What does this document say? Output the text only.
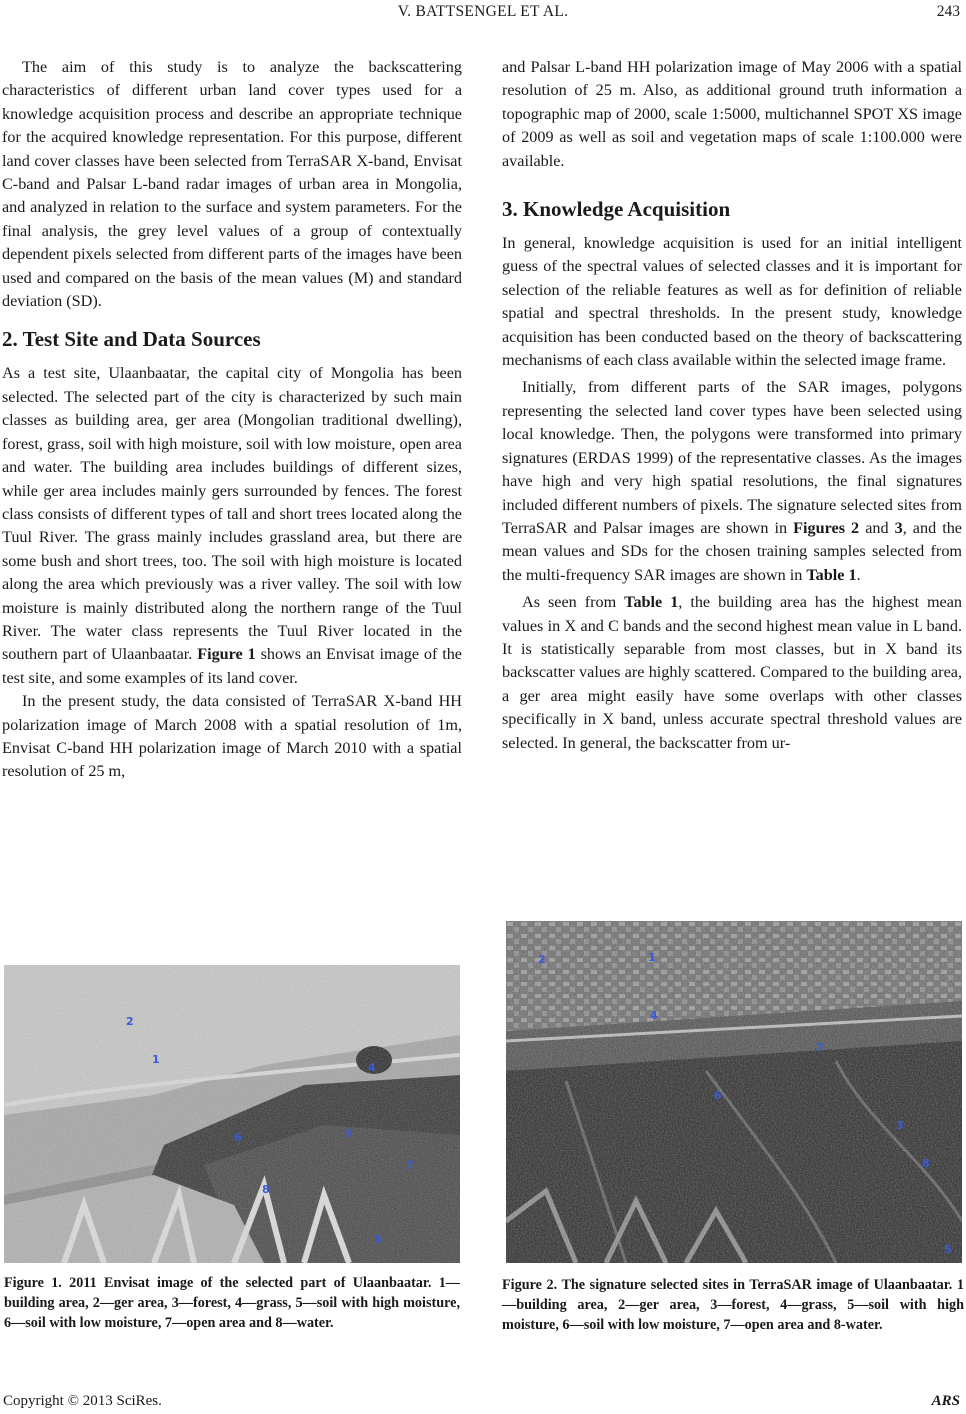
V. BATTSENGEL ET AL.	243

The aim of this study is to analyze the backscattering characteristics of different urban land cover types used for a knowledge acquisition process and describe an appropriate technique for the acquired knowledge representation. For this purpose, different land cover classes have been selected from TerraSAR X-band, Envisat C-band and Palsar L-band radar images of urban area in Mongolia, and analyzed in relation to the surface and system parameters. For the final analysis, the grey level values of a group of contextually dependent pixels selected from different parts of the images have been used and compared on the basis of the mean values (M) and standard deviation (SD).

2. Test Site and Data Sources

As a test site, Ulaanbaatar, the capital city of Mongolia has been selected. The selected part of the city is characterized by such main classes as building area, ger area (Mongolian traditional dwelling), forest, grass, soil with high moisture, soil with low moisture, open area and water. The building area includes buildings of different sizes, while ger area includes mainly gers surrounded by fences. The forest class consists of different types of tall and short trees located along the Tuul River. The grass mainly includes grassland area, but there are some bush and short trees, too. The soil with high moisture is located along the area which previously was a river valley. The soil with low moisture is mainly distributed along the northern range of the Tuul River. The water class represents the Tuul River located in the southern part of Ulaanbaatar. Figure 1 shows an Envisat image of the test site, and some examples of its land cover.

In the present study, the data consisted of TerraSAR X-band HH polarization image of March 2008 with a spatial resolution of 1m, Envisat C-band HH polarization image of March 2010 with a spatial resolution of 25 m,

and Palsar L-band HH polarization image of May 2006 with a spatial resolution of 25 m. Also, as additional ground truth information a topographic map of 2000, scale 1:5000, multichannel SPOT XS image of 2009 as well as soil and vegetation maps of scale 1:100.000 were available.

3. Knowledge Acquisition

In general, knowledge acquisition is used for an initial intelligent guess of the spectral values of selected classes and it is important for selection of the reliable features as well as for definition of reliable spatial and spectral thresholds. In the present study, knowledge acquisition has been conducted based on the theory of backscattering mechanisms of each class available within the selected image frame.

Initially, from different parts of the SAR images, polygons representing the selected land cover types have been selected using local knowledge. Then, the polygons were transformed into primary signatures (ERDAS 1999) of the representative classes. As the images have high and very high spatial resolutions, the final signatures included different numbers of pixels. The signature selected sites from TerraSAR and Palsar images are shown in Figures 2 and 3, and the mean values and SDs for the chosen training samples selected from the multi-frequency SAR images are shown in Table 1.

As seen from Table 1, the building area has the highest mean values in X and C bands and the second highest mean value in L band. It is statistically separable from most classes, but in X band its backscatter values are highly scattered. Compared to the building area, a ger area might easily have some overlaps with other classes specifically in X band, unless accurate spectral threshold values are selected. In general, the backscatter from ur-

2
1
4
6	3
7
8
5
Figure 1. 2011 Envisat image of the selected part of Ulaanbaatar. 1—building area, 2—ger area, 3—forest, 4—grass, 5—soil with high moisture, 6—soil with low moisture, 7—open area and 8—water.
2	1
4
7
6
3
8
5
Figure 2. The signature selected sites in TerraSAR image of Ulaanbaatar. 1—building area, 2—ger area, 3—forest, 4—grass, 5—soil with high moisture, 6—soil with low moisture, 7—open area and 8-water.
Copyright © 2013 SciRes.	ARS
